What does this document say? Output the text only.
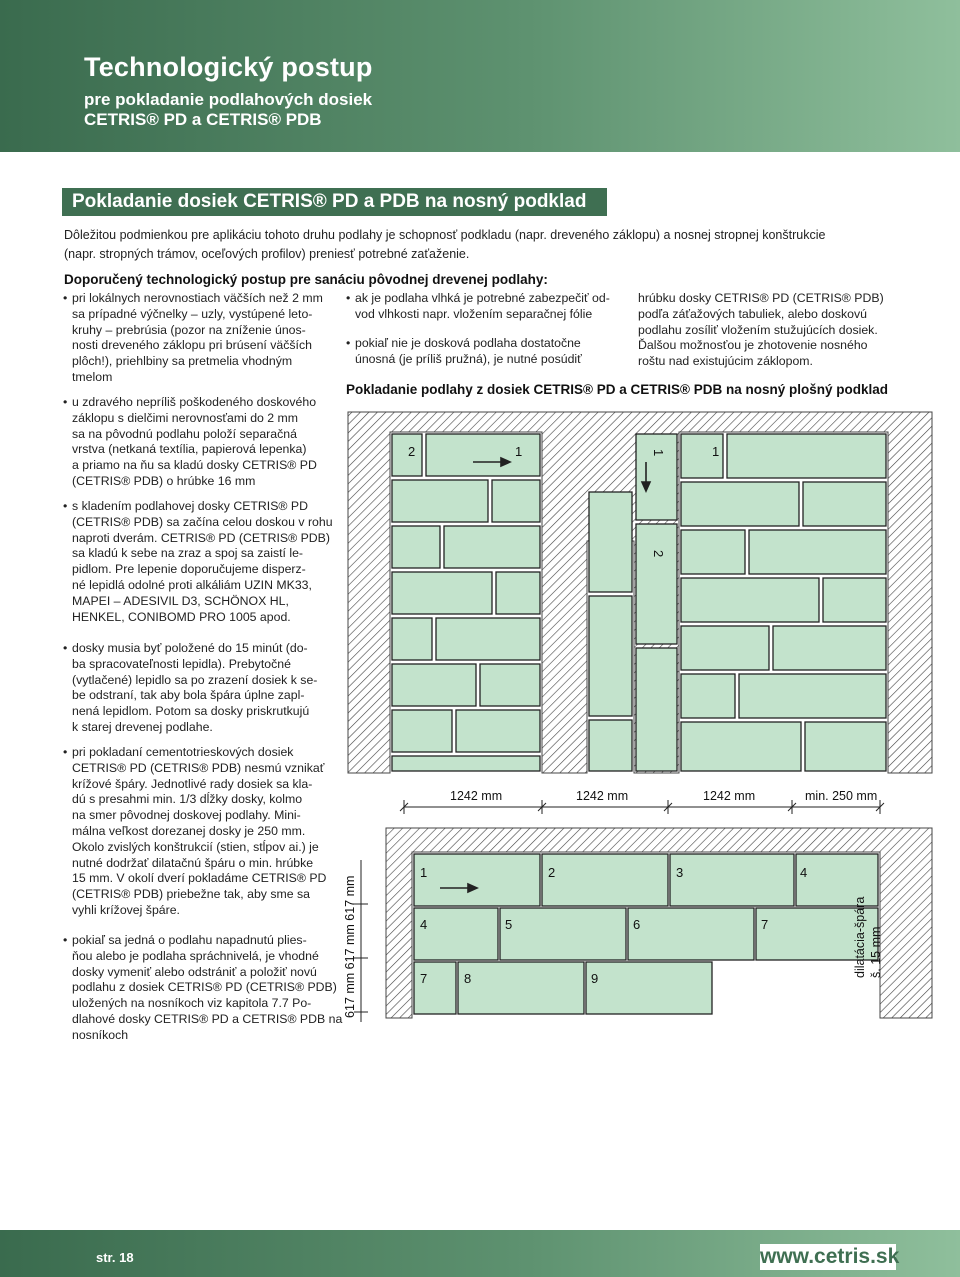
Technologický postup
pre pokladanie podlahových dosiek
CETRIS® PD a CETRIS® PDB
Pokladanie dosiek CETRIS® PD a PDB na nosný podklad
Dôležitou podmienkou pre aplikáciu tohoto druhu podlahy je schopnosť podkladu (napr. dreveného záklopu) a nosnej stropnej konštrukcie
(napr. stropných trámov, oceľových profilov) preniesť potrebné zaťaženie.
Doporučený technologický postup pre sanáciu pôvodnej drevenej podlahy:
• pri lokálnych nerovnostiach väčších než 2 mm
sa prípadné výčnelky – uzly, vystúpené leto-
kruhy – prebrúsia (pozor na zníženie únos-
nosti dreveného záklopu pri brúsení väčších
plôch!), priehlbiny sa pretmelia vhodným
tmelom
• u zdravého nepríliš poškodeného doskového
záklopu s dielčimi nerovnosťami do 2 mm
sa na pôvodnú podlahu položí separačná
vrstva (netkaná textília, papierová lepenka)
a priamo na ňu sa kladú dosky CETRIS® PD
(CETRIS® PDB) o hrúbke 16 mm
• s kladením podlahovej dosky CETRIS® PD
(CETRIS® PDB) sa začína celou doskou v rohu
naproti dverám. CETRIS® PD (CETRIS® PDB)
sa kladú k sebe na zraz a spoj sa zaistí le-
pidlom. Pre lepenie doporučujeme disperz-
né lepidlá odolné proti alkáliám UZIN MK33,
MAPEI – ADESIVIL D3, SCHÖNOX HL,
HENKEL, CONIBOMD PRO 1005 apod.
• dosky musia byť položené do 15 minút (do-
ba spracovateľnosti lepidla). Prebytočné
(vytlačené) lepidlo sa po zrazení dosiek k se-
be odstraní, tak aby bola špára úplne zapl-
nená lepidlom. Potom sa dosky priskrutkujú
k starej drevenej podlahe.
• pri pokladaní cementotrieskových dosiek
CETRIS® PD (CETRIS® PDB) nesmú vznikať
krížové špáry. Jednotlivé rady dosiek sa kla-
dú s presahmi min. 1/3 dĺžky dosky, kolmo
na smer pôvodnej doskovej podlahy. Mini-
málna veľkost dorezanej dosky je 250 mm.
Okolo zvislých konštrukcií (stien, stĺpov ai.) je
nutné dodržať dilatačnú špáru o min. hrúbke
15 mm. V okolí dverí pokladáme CETRIS® PD
(CETRIS® PDB) priebežne tak, aby sme sa
vyhli krížovej špáre.
• pokiaľ sa jedná o podlahu napadnutú plies-
ňou alebo je podlaha spráchnivelá, je vhodné
dosky vymeniť alebo odstrániť a položiť novú
podlahu z dosiek CETRIS® PD (CETRIS® PDB)
uložených na nosníkoch viz kapitola 7.7 Po-
dlahové dosky CETRIS® PD a CETRIS® PDB na
nosníkoch
• ak je podlaha vlhká je potrebné zabezpečiť od-
vod vlhkosti napr. vložením separačnej fólie
• pokiaľ nie je dosková podlaha dostatočne
únosná (je príliš pružná), je nutné posúdiť
hrúbku dosky CETRIS® PD (CETRIS® PDB)
podľa záťažových tabuliek, alebo doskovú
podlahu zosíliť vložením stužujúcích dosiek.
Ďalšou možnosťou je zhotovenie nosného
roštu nad existujúcim záklopom.
Pokladanie podlahy z dosiek CETRIS® PD a CETRIS® PDB na nosný plošný podklad
2	1	1
1
2
1	2	3	4
4	5	6	7
7	8	9
1242 mm	1242 mm	1242 mm	min. 250 mm
617 mm 617 mm 617 mm	dilatácia-špára š. 15 mm
str. 18	www.cetris.sk
